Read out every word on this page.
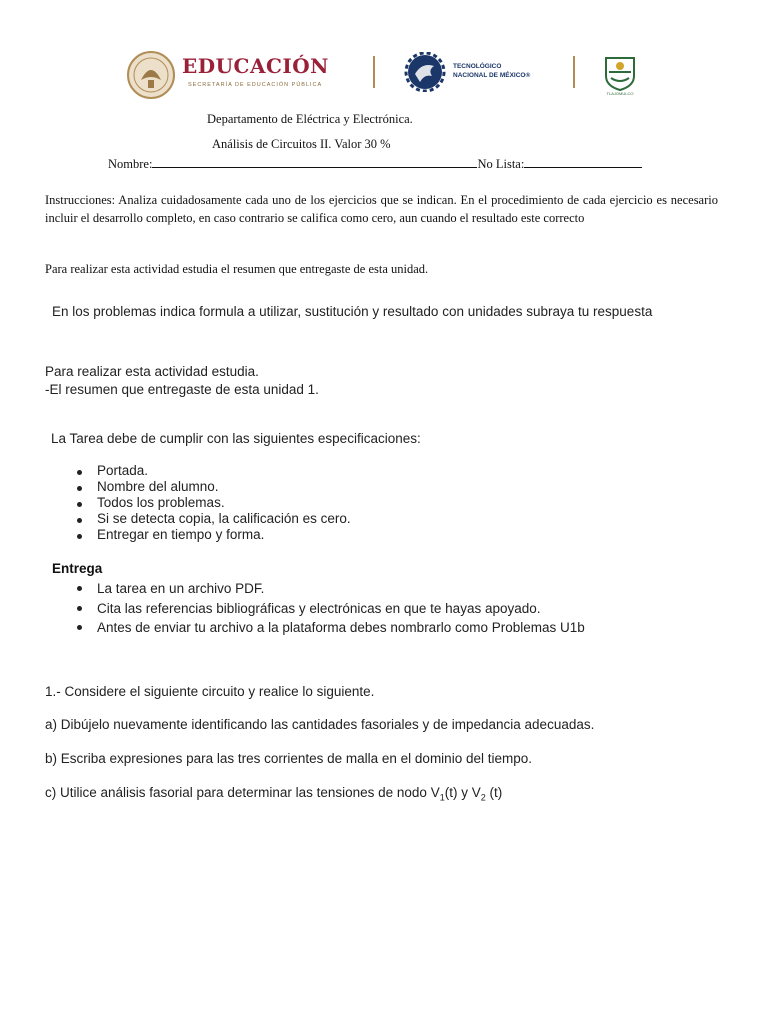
EDUCACIÓN
SECRETARÍA DE EDUCACIÓN PÚBLICA
TECNOLÓGICO
NACIONAL DE MÉXICO®
TLAJOMULCO
Departamento de Eléctrica y Electrónica.
Análisis de Circuitos II. Valor 30 %
Nombre:	No Lista:
Instrucciones: Analiza cuidadosamente cada uno de los ejercicios que se indican. En el procedimiento de cada ejercicio es necesario incluir el desarrollo completo, en caso contrario se califica como cero, aun cuando el resultado este correcto
Para realizar esta actividad estudia el resumen que entregaste de esta unidad.
En los problemas indica formula a utilizar, sustitución y resultado con unidades subraya tu respuesta
Para realizar esta actividad estudia.
-El resumen que entregaste de esta unidad 1.
La Tarea debe de cumplir con las siguientes especificaciones:
Portada.
Nombre del alumno.
Todos los problemas.
Si se detecta copia, la calificación es cero.
Entregar en tiempo y forma.
Entrega
La tarea en un archivo PDF.
Cita las referencias bibliográficas y electrónicas en que te hayas apoyado.
Antes de enviar tu archivo a la plataforma debes nombrarlo como Problemas U1b
1.- Considere el siguiente circuito y realice lo siguiente.
a) Dibújelo nuevamente identificando las cantidades fasoriales y de impedancia adecuadas.
b) Escriba expresiones para las tres corrientes de malla en el dominio del tiempo.
c) Utilice análisis fasorial para determinar las tensiones de nodo $V_1(t)$ y $V_2$ (t)
